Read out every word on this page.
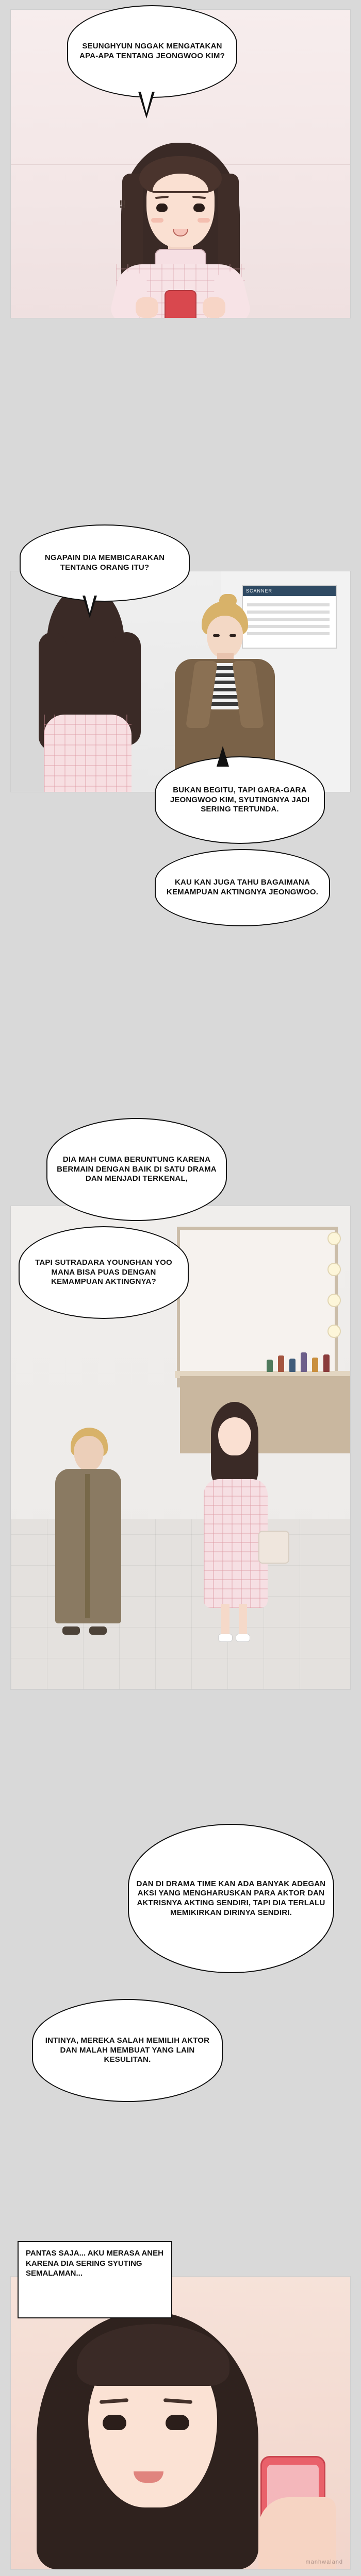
!!
SEUNGHYUN NGGAK MENGATAKAN APA-APA TENTANG JEONGWOO KIM?
SCANNER
NGAPAIN DIA MEMBICARAKAN TENTANG ORANG ITU?
BUKAN BEGITU, TAPI GARA-GARA JEONGWOO KIM, SYUTINGNYA JADI SERING TERTUNDA.
KAU KAN JUGA TAHU BAGAIMANA KEMAMPUAN AKTINGNYA JEONGWOO.
DIA MAH CUMA BERUNTUNG KARENA BERMAIN DENGAN BAIK DI SATU DRAMA DAN MENJADI TERKENAL,
TAPI SUTRADARA YOUNGHAN YOO MANA BISA PUAS DENGAN KEMAMPUAN AKTINGNYA?
DAN DI DRAMA TIME KAN ADA BANYAK ADEGAN AKSI YANG MENGHARUSKAN PARA AKTOR DAN AKTRISNYA AKTING SENDIRI, TAPI DIA TERLALU MEMIKIRKAN DIRINYA SENDIRI.
INTINYA, MEREKA SALAH MEMILIH AKTOR DAN MALAH MEMBUAT YANG LAIN KESULITAN.
manhwaland
PANTAS SAJA... AKU MERASA ANEH KARENA DIA SERING SYUTING SEMALAMAN...
